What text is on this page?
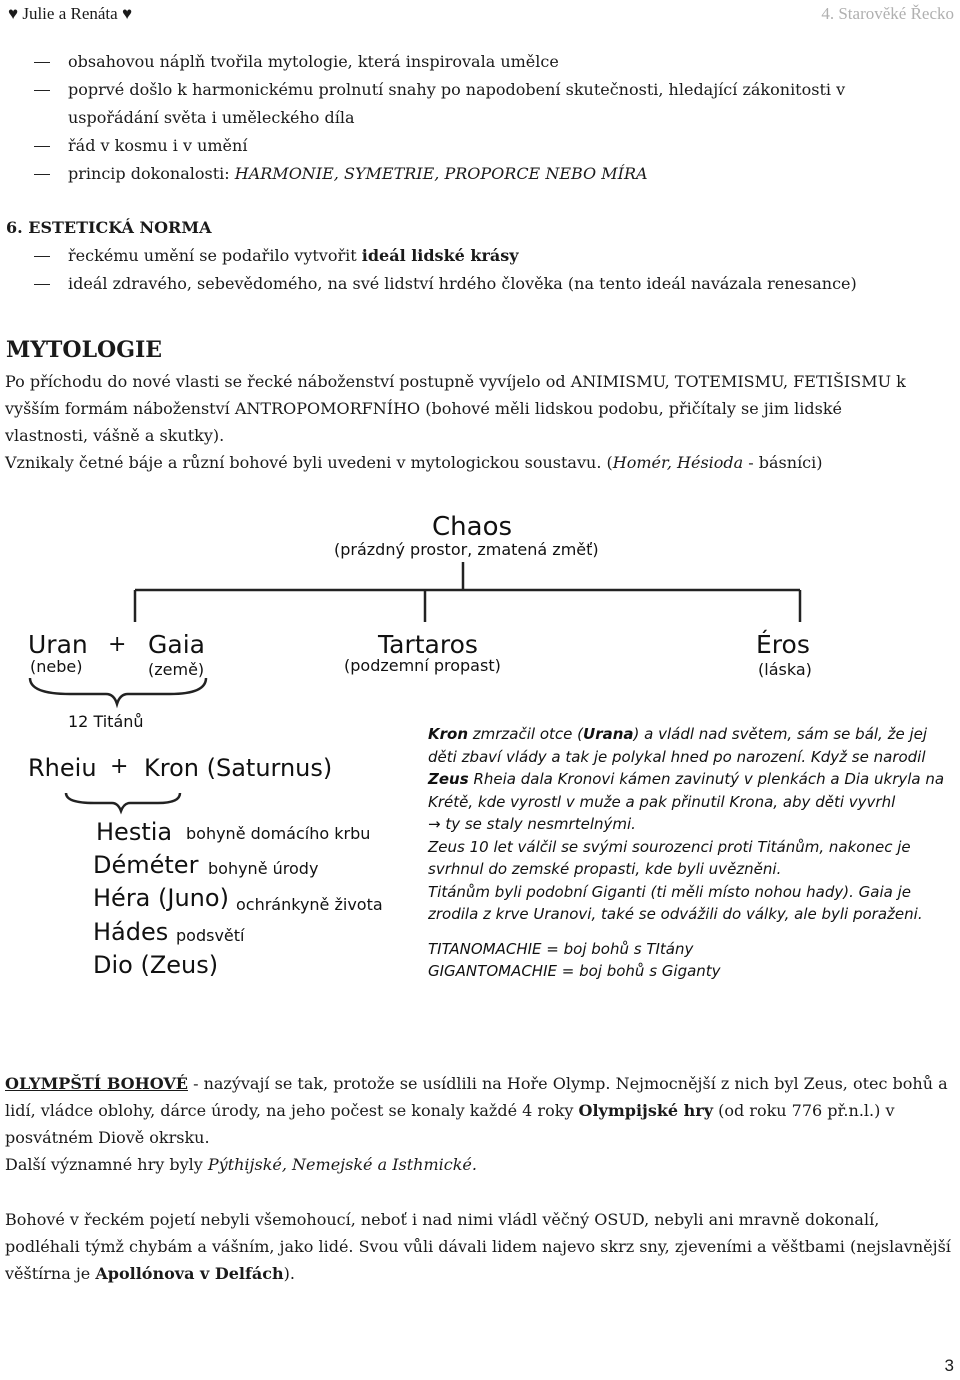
♥ Julie a Renáta ♥	4. Starověké Řecko
obsahovou náplň tvořila mytologie, která inspirovala umělce
poprvé došlo k harmonickému prolnutí snahy po napodobení skutečnosti, hledající zákonitosti v
uspořádání světa i uměleckého díla
řád v kosmu i v umění
princip dokonalosti: HARMONIE, SYMETRIE, PROPORCE NEBO MÍRA
6. ESTETICKÁ NORMA
řeckému umění se podařilo vytvořit ideál lidské krásy
ideál zdravého, sebevědomého, na své lidství hrdého člověka (na tento ideál navázala renesance)
MYTOLOGIE
Po příchodu do nové vlasti se řecké náboženství postupně vyvíjelo od ANIMISMU, TOTEMISMU, FETIŠISMU k
vyšším formám náboženství ANTROPOMORFNÍHO (bohové měli lidskou podobu, přičítaly se jim lidské
vlastnosti, vášně a skutky).
Vznikaly četné báje a různí bohové byli uvedeni v mytologickou soustavu. (Homér, Hésioda - básníci)
Chaos
(prázdný prostor, zmatená změť)
Uran
(nebe)
+ Gaia
(země)
Tartaros
(podzemní propast)
Éros
(láska)
12 Titánů
Rheiu + Kron (Saturnus)
Hestia bohyně domácího krbu
Déméter bohyně úrody
Héra (Juno) ochránkyně života
Hádes podsvětí
Dio (Zeus)
Kron zmrzačil otce (Urana) a vládl nad světem, sám se bál, že jej děti zbaví vlády a tak je polykal hned po narození. Když se narodil Zeus Rheia dala Kronovi kámen zavinutý v plenkách a Dia ukryla na Krétě, kde vyrostl v muže a pak přinutil Krona, aby děti vyvrhl
→ ty se staly nesmrtelnými.
Zeus 10 let válčil se svými sourozenci proti Titánům, nakonec je svrhnul do zemské propasti, kde byli uvězněni.
Titánům byli podobní Giganti (ti měli místo nohou hady). Gaia je zrodila z krve Uranovi, také se odvážili do války, ale byli poraženi.
TITANOMACHIE = boj bohů s TItány
GIGANTOMACHIE = boj bohů s Giganty
OLYMPŠTÍ BOHOVÉ - nazývají se tak, protože se usídlili na Hoře Olymp. Nejmocnější z nich byl Zeus, otec bohů a lidí, vládce oblohy, dárce úrody, na jeho počest se konaly každé 4 roky Olympijské hry (od roku 776 př.n.l.) v posvátném Diově okrsku.
Další významné hry byly Pýthijské, Nemejské a Isthmické.
Bohové v řeckém pojetí nebyli všemohoucí, neboť i nad nimi vládl věčný OSUD, nebyli ani mravně dokonalí, podléhali týmž chybám a vášním, jako lidé. Svou vůli dávali lidem najevo skrz sny, zjeveními a věštbami (nejslavnější věštírna je Apollónova v Delfách).
3
